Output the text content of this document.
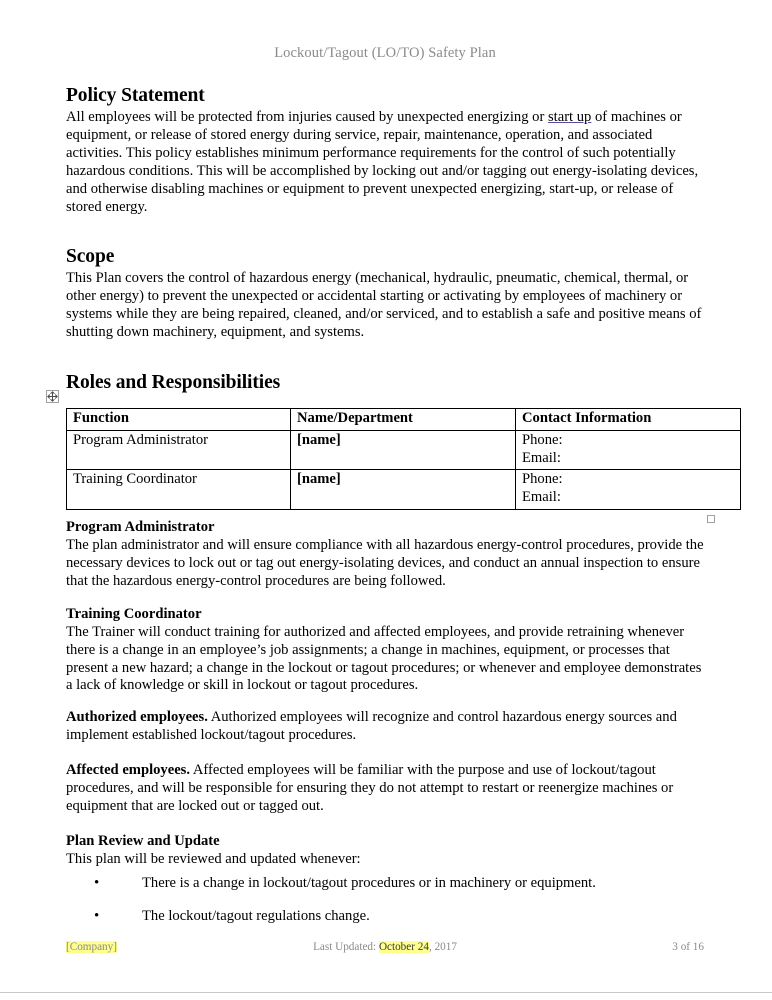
Lockout/Tagout (LO/TO) Safety Plan
Policy Statement

All employees will be protected from injuries caused by unexpected energizing or start up of machines or equipment, or release of stored energy during service, repair, maintenance, operation, and associated activities. This policy establishes minimum performance requirements for the control of such potentially hazardous conditions. This will be accomplished by locking out and/or tagging out energy-isolating devices, and otherwise disabling machines or equipment to prevent unexpected energizing, start-up, or release of stored energy.

Scope

This Plan covers the control of hazardous energy (mechanical, hydraulic, pneumatic, chemical, thermal, or other energy) to prevent the unexpected or accidental starting or activating by employees of machinery or systems while they are being repaired, cleaned, and/or serviced, and to establish a safe and positive means of shutting down machinery, equipment, and systems.

Roles and Responsibilities
Function	Name/Department	Contact Information
Program Administrator	[name]	Phone:
Email:

Training Coordinator	[name]	Phone:
Email:
Program Administrator

The plan administrator and will ensure compliance with all hazardous energy-control procedures, provide the necessary devices to lock out or tag out energy-isolating devices, and conduct an annual inspection to ensure that the hazardous energy-control procedures are being followed.

Training Coordinator

The Trainer will conduct training for authorized and affected employees, and provide retraining whenever there is a change in an employee’s job assignments; a change in machines, equipment, or processes that present a new hazard; a change in the lockout or tagout procedures; or whenever and employee demonstrates a lack of knowledge or skill in lockout or tagout procedures.

Authorized employees. Authorized employees will recognize and control hazardous energy sources and implement established lockout/tagout procedures.

Affected employees. Affected employees will be familiar with the purpose and use of lockout/tagout procedures, and will be responsible for ensuring they do not attempt to restart or reenergize machines or equipment that are locked out or tagged out.

Plan Review and Update

This plan will be reviewed and updated whenever:

•	There is a change in lockout/tagout procedures or in machinery or equipment.
•	The lockout/tagout regulations change.
[Company]	Last Updated: October 24, 2017	3 of 16
